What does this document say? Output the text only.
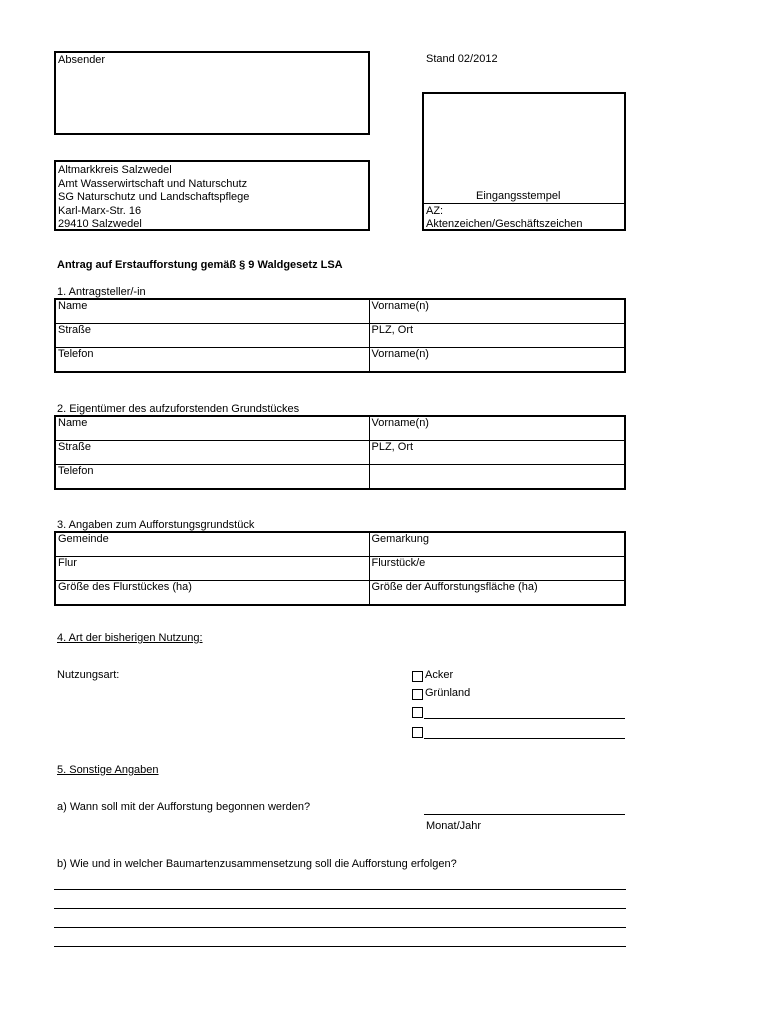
Absender	Stand 02/2012
Altmarkkreis Salzwedel
Amt Wasserwirtschaft und Naturschutz
SG Naturschutz und Landschaftspflege
Karl-Marx-Str. 16
29410 Salzwedel
Eingangsstempel
AZ:
Aktenzeichen/Geschäftszeichen
Antrag auf Erstaufforstung gemäß § 9 Waldgesetz LSA
1. Antragsteller/-in
Name	Vorname(n)
Straße	PLZ, Ort
Telefon	Vorname(n)
2. Eigentümer des aufzuforstenden Grundstückes
Name	Vorname(n)
Straße	PLZ, Ort
Telefon	
3. Angaben zum Aufforstungsgrundstück
Gemeinde	Gemarkung
Flur	Flurstück/e
Größe des Flurstückes (ha)	Größe der Aufforstungsfläche (ha)
4. Art der bisherigen Nutzung:
Nutzungsart:	Acker
Grünland
5. Sonstige Angaben
a) Wann soll mit der Aufforstung begonnen werden?
Monat/Jahr
b) Wie und in welcher Baumartenzusammensetzung soll die Aufforstung erfolgen?
